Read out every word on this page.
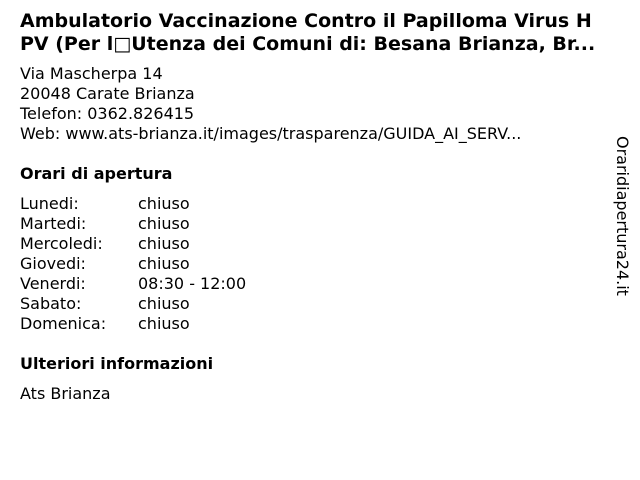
Ambulatorio Vaccinazione Contro il Papilloma Virus H
PV (Per l□Utenza dei Comuni di: Besana Brianza, Br...
Via Mascherpa 14
20048 Carate Brianza
Telefon: 0362.826415
Web: www.ats-brianza.it/images/trasparenza/GUIDA_AI_SERV...
Orari di apertura
Lunedi:	chiuso
Martedi:	chiuso
Mercoledi: chiuso
Giovedi:	chiuso
Venerdi:	08:30 - 12:00
Sabato:	chiuso
Domenica: chiuso
Ulteriori informazioni
Ats Brianza
Oraridiapertura24.it
